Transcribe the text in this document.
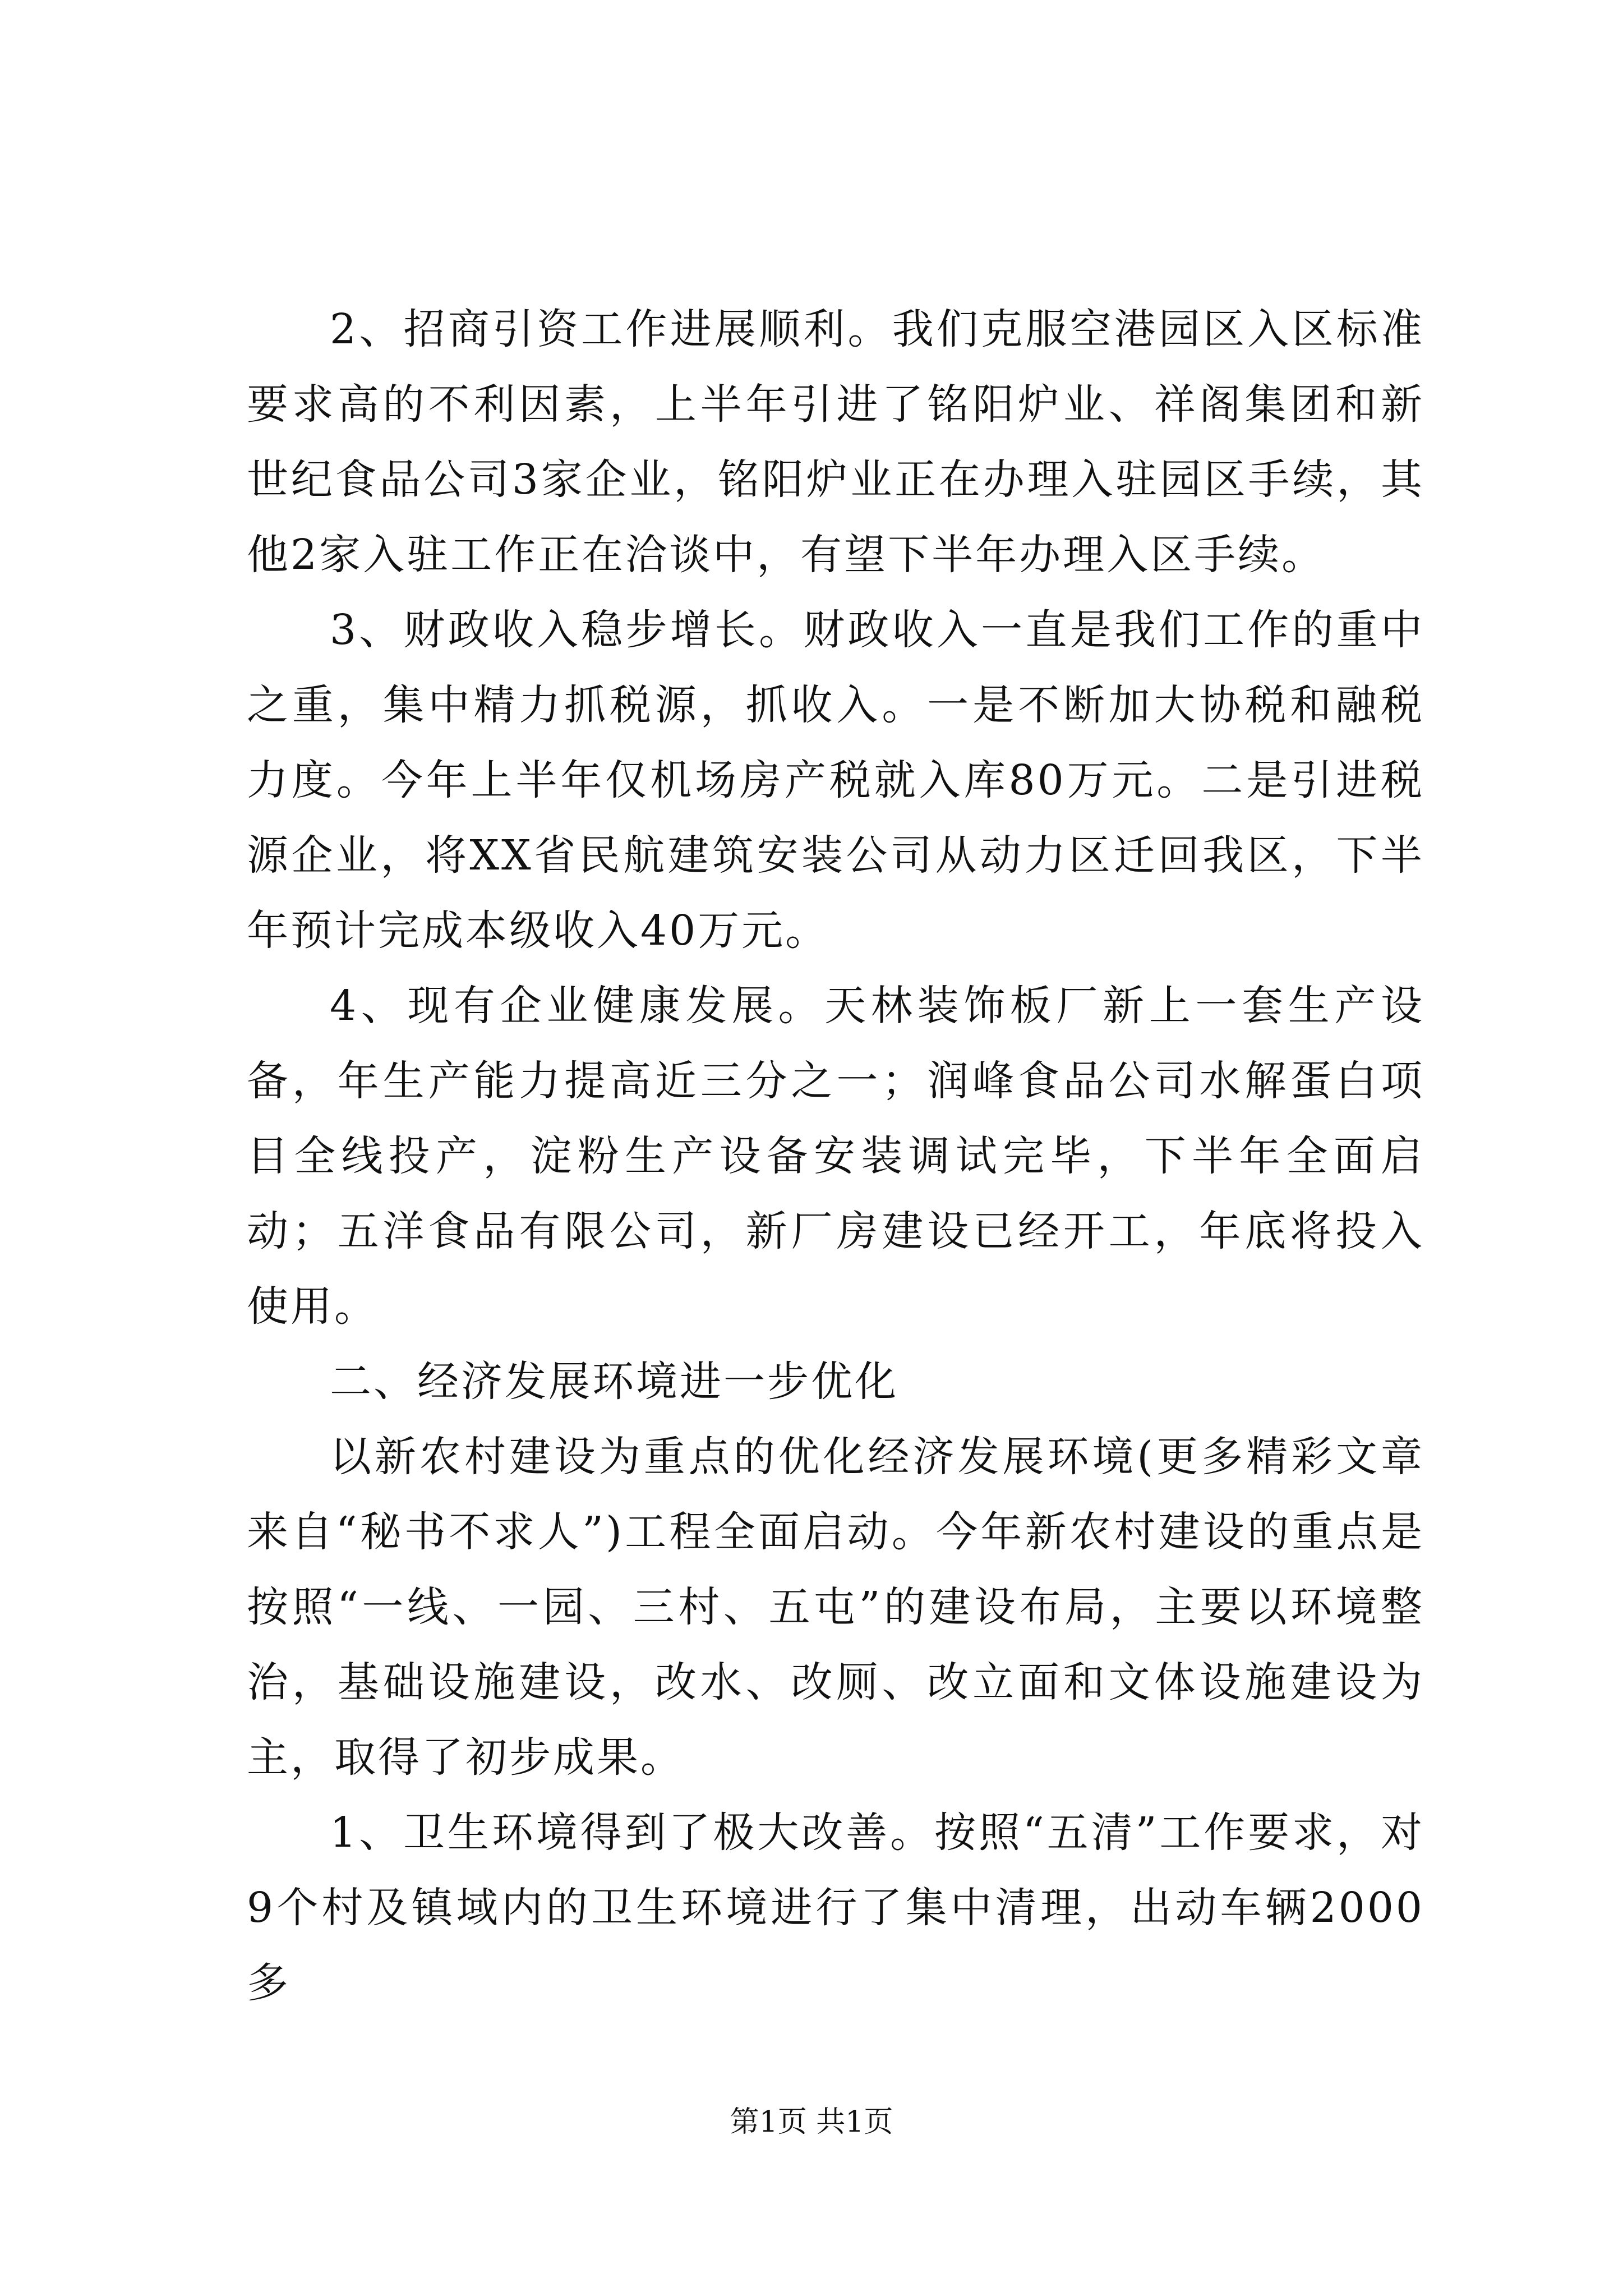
2、招商引资工作进展顺利。我们克服空港园区入区标准要求高的不利因素，上半年引进了铭阳炉业、祥阁集团和新世纪食品公司3家企业，铭阳炉业正在办理入驻园区手续，其他2家入驻工作正在洽谈中，有望下半年办理入区手续。

3、财政收入稳步增长。财政收入一直是我们工作的重中之重，集中精力抓税源，抓收入。一是不断加大协税和融税力度。今年上半年仅机场房产税就入库80万元。二是引进税源企业，将XX省民航建筑安装公司从动力区迁回我区，下半年预计完成本级收入40万元。

4、现有企业健康发展。天林装饰板厂新上一套生产设备，年生产能力提高近三分之一；润峰食品公司水解蛋白项目全线投产，淀粉生产设备安装调试完毕，下半年全面启动；五洋食品有限公司，新厂房建设已经开工，年底将投入使用。

二、经济发展环境进一步优化

以新农村建设为重点的优化经济发展环境(更多精彩文章来自“秘书不求人”)工程全面启动。今年新农村建设的重点是按照“一线、一园、三村、五屯”的建设布局，主要以环境整治，基础设施建设，改水、改厕、改立面和文体设施建设为主，取得了初步成果。

1、卫生环境得到了极大改善。按照“五清”工作要求，对9个村及镇域内的卫生环境进行了集中清理，出动车辆2000多

第1页 共1页
